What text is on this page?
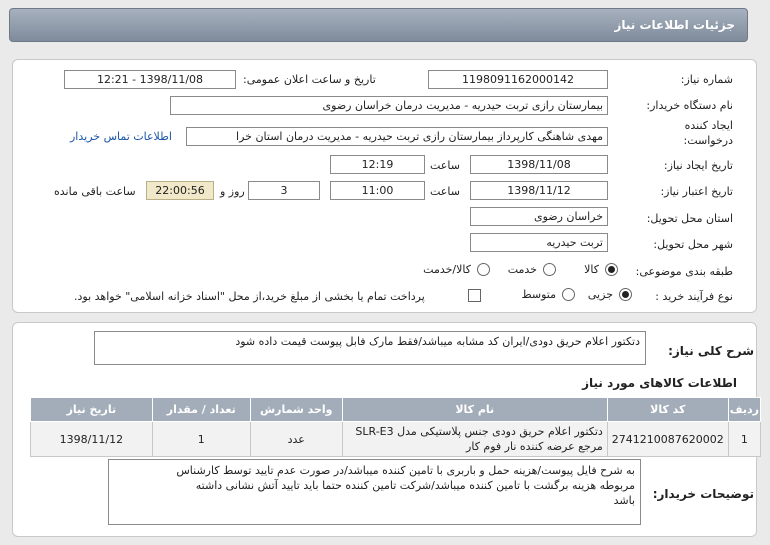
جزئیات اطلاعات نیاز
شماره نیاز:
1198091162000142
تاریخ و ساعت اعلان عمومی:
1398/11/08 - 12:21
نام دستگاه خریدار:
بیمارستان رازی تربت حیدریه - مدیریت درمان خراسان رضوی
ایجاد کننده
درخواست:
مهدی شاهنگی کارپرداز بیمارستان رازی تربت حیدریه - مدیریت درمان استان خرا
اطلاعات تماس خریدار
تاریخ ایجاد نیاز:
1398/11/08
ساعت
12:19
تاریخ اعتبار نیاز:
1398/11/12
ساعت
11:00
3
روز و
22:00:56
ساعت باقی مانده
استان محل تحویل:
خراسان رضوی
شهر محل تحویل:
تربت حیدریه
طبقه بندی موضوعی:
کالا
خدمت
کالا/خدمت
نوع فرآیند خرید :
جزیی
متوسط
پرداخت تمام یا بخشی از مبلغ خرید،از محل "اسناد خزانه اسلامی" خواهد بود.
شرح کلی نیاز:
دتکتور اعلام حریق دودی/ایران کد مشابه میباشد/فقط مارک فابل پیوست قیمت داده شود
اطلاعات کالاهای مورد نیاز
ردیف	کد کالا	نام کالا	واحد شمارش	تعداد / مقدار	تاریخ نیاز
1	2741210087620002	دتکتور اعلام حریق دودی جنس پلاستیکی مدل SLR-E3
مرجع عرضه کننده نار فوم کار	عدد	1	1398/11/12
توضیحات خریدار:
به شرح فایل پیوست/هزینه حمل و باربری با تامین کننده میباشد/در صورت عدم تایید توسط کارشناس
مربوطه هزینه برگشت با تامین کننده میباشد/شرکت تامین کننده حتما باید تایید آتش نشانی داشته
باشد
